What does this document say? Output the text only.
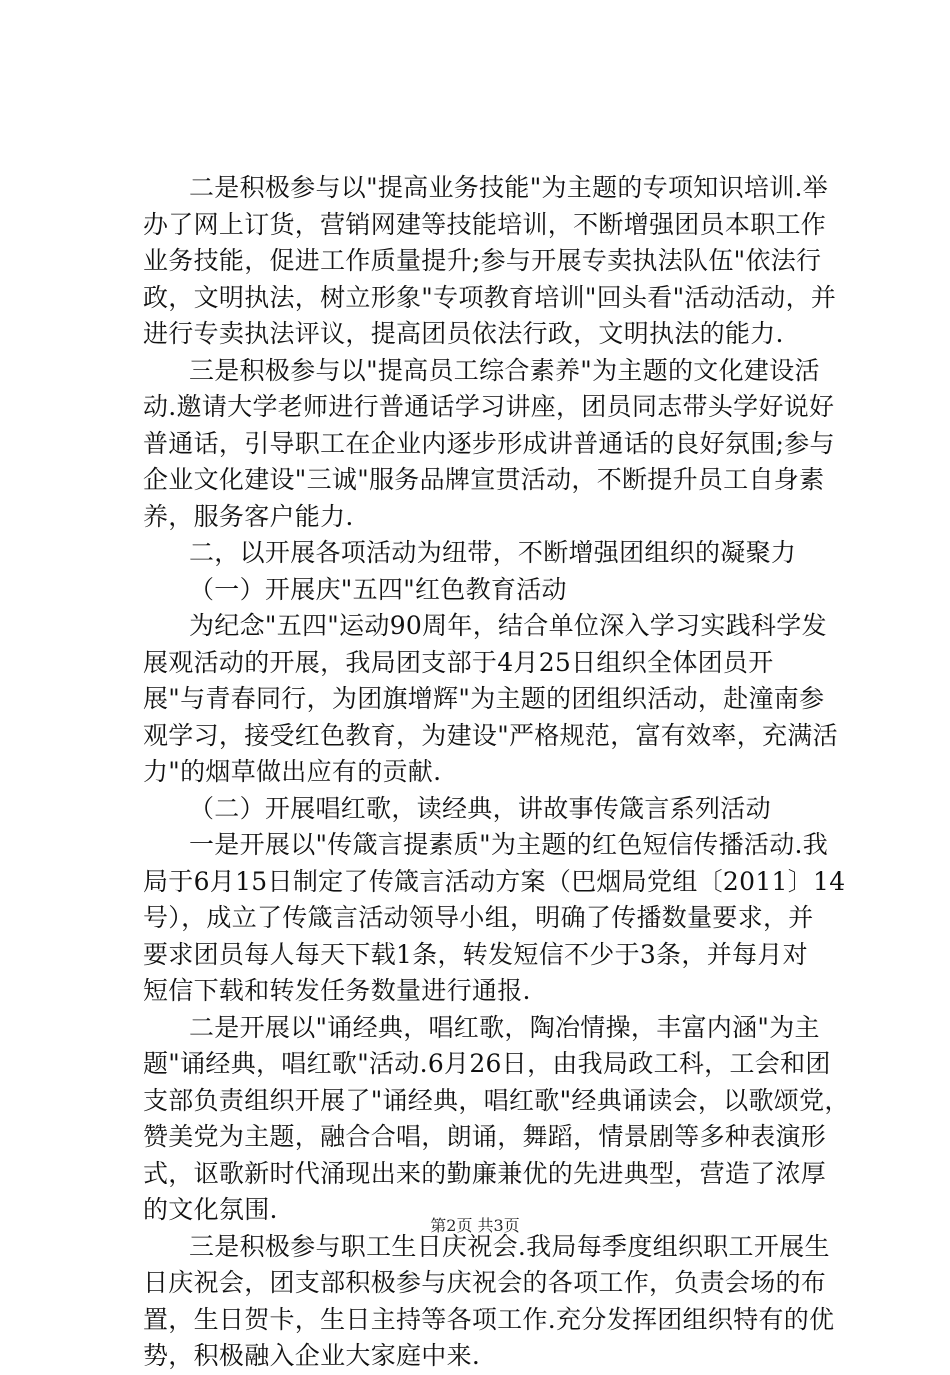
二是积极参与以"提高业务技能"为主题的专项知识培训.举
办了网上订货，营销网建等技能培训，不断增强团员本职工作
业务技能，促进工作质量提升;参与开展专卖执法队伍"依法行
政，文明执法，树立形象"专项教育培训"回头看"活动活动，并
进行专卖执法评议，提高团员依法行政，文明执法的能力.
三是积极参与以"提高员工综合素养"为主题的文化建设活
动.邀请大学老师进行普通话学习讲座，团员同志带头学好说好
普通话，引导职工在企业内逐步形成讲普通话的良好氛围;参与
企业文化建设"三诚"服务品牌宣贯活动，不断提升员工自身素
养，服务客户能力.
二，以开展各项活动为纽带，不断增强团组织的凝聚力
（一）开展庆"五四"红色教育活动
为纪念"五四"运动90周年，结合单位深入学习实践科学发
展观活动的开展，我局团支部于4月25日组织全体团员开
展"与青春同行，为团旗增辉"为主题的团组织活动，赴潼南参
观学习，接受红色教育，为建设"严格规范，富有效率，充满活
力"的烟草做出应有的贡献.
（二）开展唱红歌，读经典，讲故事传箴言系列活动
一是开展以"传箴言提素质"为主题的红色短信传播活动.我
局于6月15日制定了传箴言活动方案（巴烟局党组〔2011〕14
号），成立了传箴言活动领导小组，明确了传播数量要求，并
要求团员每人每天下载1条，转发短信不少于3条，并每月对
短信下载和转发任务数量进行通报.
二是开展以"诵经典，唱红歌，陶冶情操，丰富内涵"为主
题"诵经典，唱红歌"活动.6月26日，由我局政工科，工会和团
支部负责组织开展了"诵经典，唱红歌"经典诵读会，以歌颂党，
赞美党为主题，融合合唱，朗诵，舞蹈，情景剧等多种表演形
式，讴歌新时代涌现出来的勤廉兼优的先进典型，营造了浓厚
的文化氛围.
三是积极参与职工生日庆祝会.我局每季度组织职工开展生
日庆祝会，团支部积极参与庆祝会的各项工作，负责会场的布
置，生日贺卡，生日主持等各项工作.充分发挥团组织特有的优
势，积极融入企业大家庭中来.
第2页 共3页
